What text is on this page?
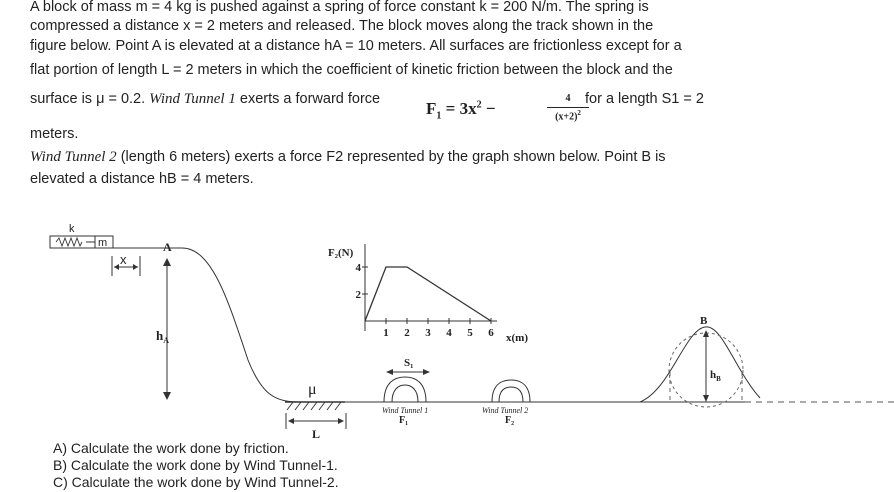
A block of mass m = 4 kg is pushed against a spring of force constant k = 200 N/m. The spring is
compressed a distance x = 2 meters and released. The block moves along the track shown in the
figure below. Point A is elevated at a distance hA = 10 meters. All surfaces are frictionless except for a
flat portion of length L = 2 meters in which the coefficient of kinetic friction between the block and the
surface is μ = 0.2. Wind Tunnel 1 exerts a forward force	for a length S1 = 2
$F_1 = 3x^2$ −
4
$(x+2)^2$
meters.
Wind Tunnel 2 (length 6 meters) exerts a force F2 represented by the graph shown below. Point B is
elevated a distance hB = 4 meters.
k
m
x
A
$h_A$
B
$h_B$
μ
L
F₂(N)
x(m)
4
2
1 2 3 4 5 6
S₁
Wind Tunnel 1
F₁
Wind Tunnel 2
F₂
A) Calculate the work done by friction.
B) Calculate the work done by Wind Tunnel-1.
C) Calculate the work done by Wind Tunnel-2.
